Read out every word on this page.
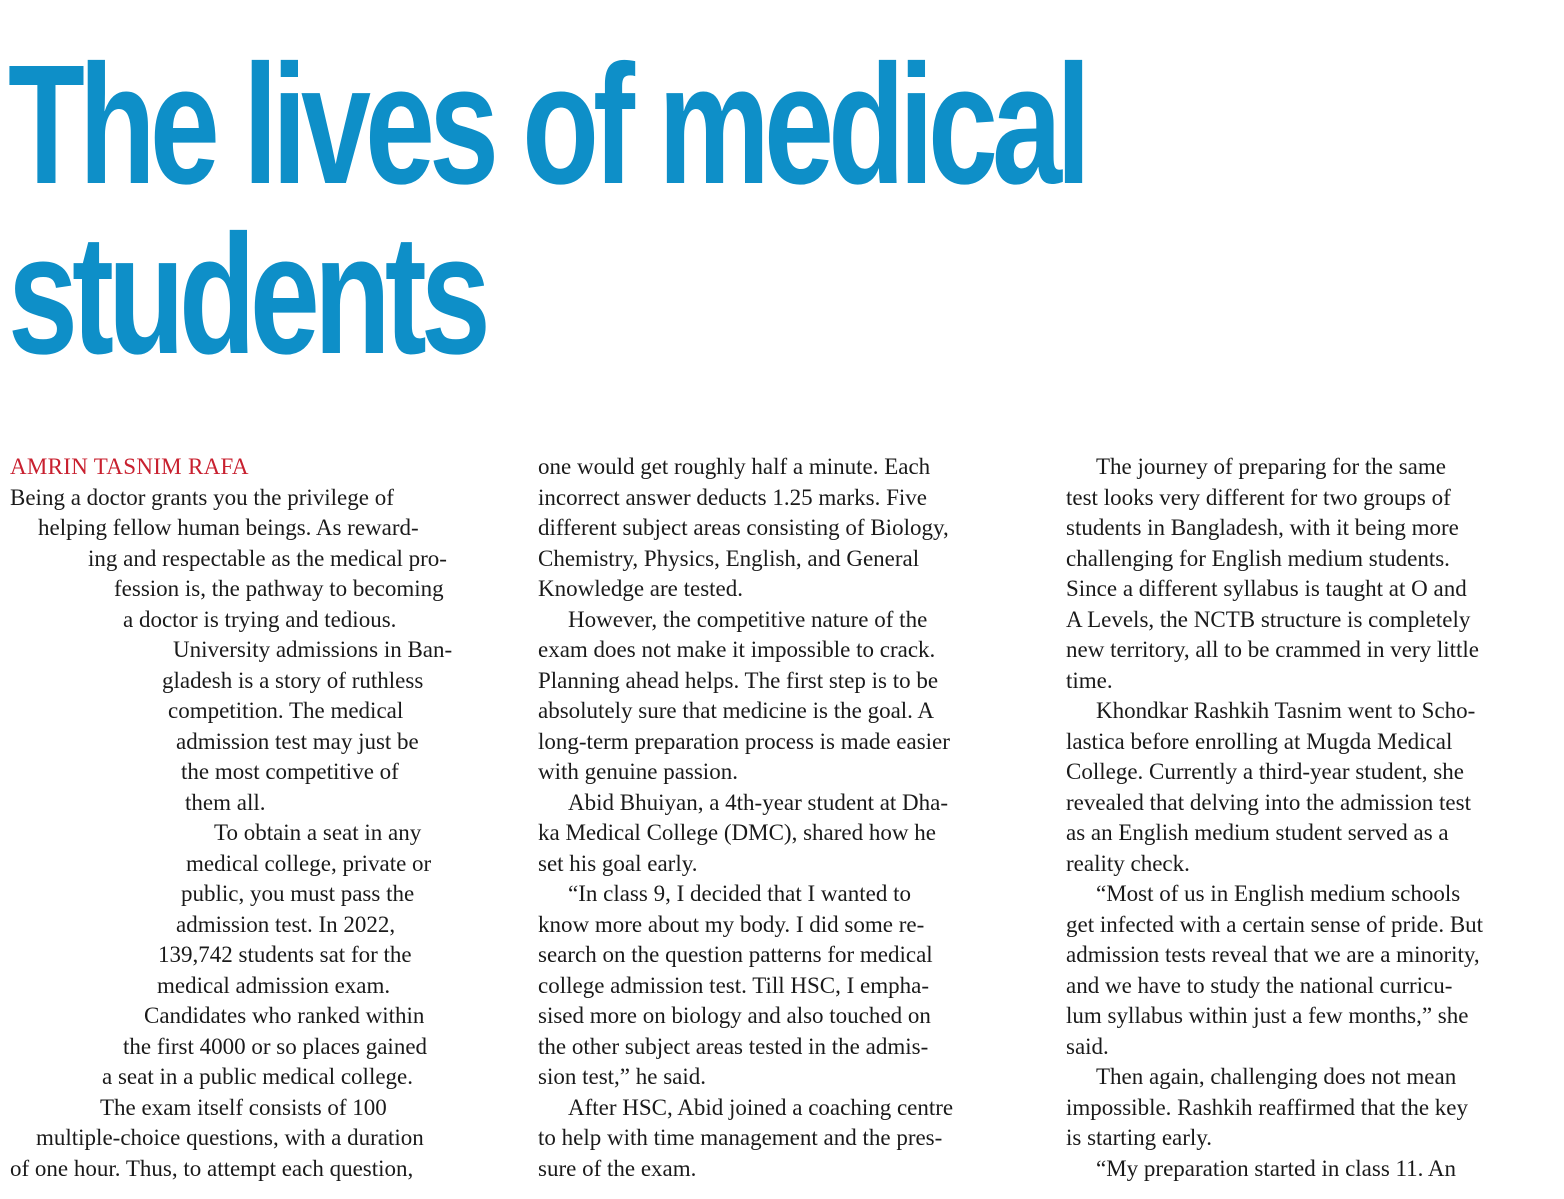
The lives of medical
students

AMRIN TASNIM RAFA

Being a doctor grants you the privilege of
helping fellow human beings. As reward-
ing and respectable as the medical pro-
fession is, the pathway to becoming
a doctor is trying and tedious.
University admissions in Ban-
gladesh is a story of ruthless
competition. The medical
admission test may just be
the most competitive of
them all.
To obtain a seat in any
medical college, private or
public, you must pass the
admission test. In 2022,
139,742 students sat for the
medical admission exam.
Candidates who ranked within
the first 4000 or so places gained
a seat in a public medical college.
The exam itself consists of 100
multiple-choice questions, with a duration
of one hour. Thus, to attempt each question,
one would get roughly half a minute. Each
incorrect answer deducts 1.25 marks. Five
different subject areas consisting of Biology,
Chemistry, Physics, English, and General
Knowledge are tested.
However, the competitive nature of the
exam does not make it impossible to crack.
Planning ahead helps. The first step is to be
absolutely sure that medicine is the goal. A
long-term preparation process is made easier
with genuine passion.
Abid Bhuiyan, a 4th-year student at Dha-
ka Medical College (DMC), shared how he
set his goal early.
“In class 9, I decided that I wanted to
know more about my body. I did some re-
search on the question patterns for medical
college admission test. Till HSC, I empha-
sised more on biology and also touched on
the other subject areas tested in the admis-
sion test,” he said.
After HSC, Abid joined a coaching centre
to help with time management and the pres-
sure of the exam.
The journey of preparing for the same
test looks very different for two groups of
students in Bangladesh, with it being more
challenging for English medium students.
Since a different syllabus is taught at O and
A Levels, the NCTB structure is completely
new territory, all to be crammed in very little
time.
Khondkar Rashkih Tasnim went to Scho-
lastica before enrolling at Mugda Medical
College. Currently a third-year student, she
revealed that delving into the admission test
as an English medium student served as a
reality check.
“Most of us in English medium schools
get infected with a certain sense of pride. But
admission tests reveal that we are a minority,
and we have to study the national curricu-
lum syllabus within just a few months,” she
said.
Then again, challenging does not mean
impossible. Rashkih reaffirmed that the key
is starting early.
“My preparation started in class 11. An
